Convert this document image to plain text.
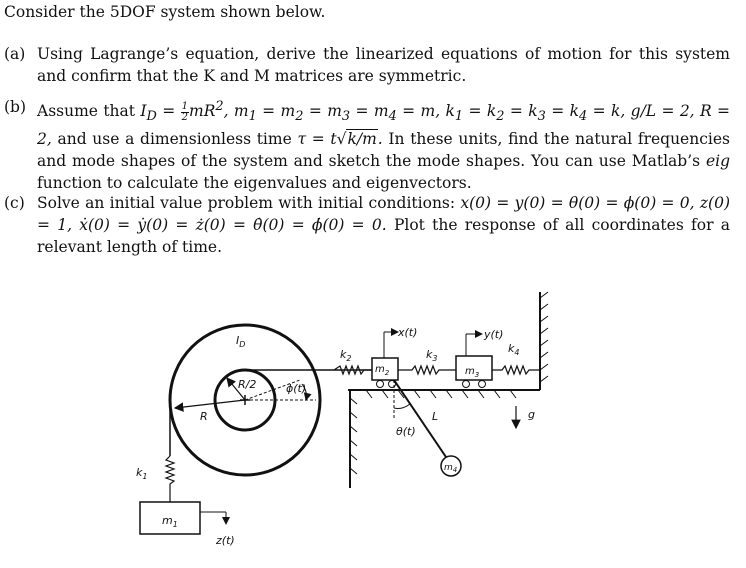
Consider the 5DOF system shown below.
(a) Using Lagrange’s equation, derive the linearized equations of motion for this system and confirm that the K and M matrices are symmetric.
(b) Assume that $I_D = \frac{1}{2} mR^2$, $m_1 = m_2 = m_3 = m_4 = m$, $k_1 = k_2 = k_3 = k_4 = k$, g/L = 2, R = 2, and use a dimensionless time τ = t√k/m. In these units, find the natural frequencies and mode shapes of the system and sketch the mode shapes. You can use Matlab’s eig function to calculate the eigenvalues and eigenvectors.
(c) Solve an initial value problem with initial conditions: x(0) = y(0) = θ(0) = ϕ(0) = 0, z(0) = 1, ẋ(0) = ẏ(0) = ż(0) = θ̇(0) = ϕ̇(0) = 0. Plot the response of all coordinates for a relevant length of time.
$I_D$
R/2
R
ϕ(t)
$k_1$
$m_1$
z(t)
$k_2$
$m_2$
x(t)
$k_3$
$m_3$
y(t)
$k_4$
L
θ(t)
$m_4$
g
